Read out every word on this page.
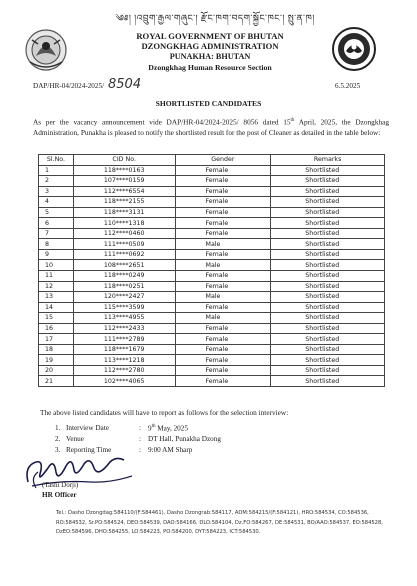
༄༅། །འབྲུག་རྒྱལ་གཞུང་། རྫོང་ཁག་བདག་སྐྱོང་ཁང་། སྤུ་ན་ཁ།
ROYAL GOVERNMENT OF BHUTAN
DZONGKHAG ADMINISTRATION
PUNAKHA: BHUTAN
Dzongkhag Human Resource Section
DAP/HR-04/2024-2025/ 8504	6.5.2025
SHORTLISTED CANDIDATES
As per the vacancy announcement vide DAP/HR-04/2024-2025/ 8056 dated 15th April, 2025, the Dzongkhag Administration, Punakha is pleased to notify the shortlisted result for the post of Cleaner as detailed in the table below:
Sl.No.	CID No.	Gender	Remarks
1	118****0163	Female	Shortlisted
2	107****0159	Female	Shortlisted
3	112****6554	Female	Shortlisted
4	118****2155	Female	Shortlisted
5	118****3131	Female	Shortlisted
6	110****1318	Female	Shortlisted
7	112****0460	Female	Shortlisted
8	111****0509	Male	Shortlisted
9	111****0692	Female	Shortlisted
10	108****2651	Male	Shortlisted
11	118****0249	Female	Shortlisted
12	118****0251	Female	Shortlisted
13	120****2427	Male	Shortlisted
14	115****3599	Female	Shortlisted
15	113****4955	Male	Shortlisted
16	112****2433	Female	Shortlisted
17	111****2789	Female	Shortlisted
18	118****1679	Female	Shortlisted
19	113****1218	Female	Shortlisted
20	112****2780	Female	Shortlisted
21	102****4065	Female	Shortlisted
The above listed candidates will have to report as follows for the selection interview:
1. Interview Date	: 9th May, 2025
2. Venue	: DT Hall, Punakha Dzong
3. Reporting Time	: 9:00 AM Sharp
(Tashi Dorji)
HR Officer
Tel.: Dasho Dzongdag:584110/(F:584461), Dasho Dzongrab:584117, ADM:584215/(F:584121), HRO:584534, CO:584536, RO:584532, Sr.PO:584524, DEO:584539, DAO:584166, DLO:584104, Dz.FO:584267, DE:584531, BO/AAO:584537, EO:584528, DzEO:584596, DHO:584255, LO:584223, PO:584200, DYT:584223, ICT:584530.
